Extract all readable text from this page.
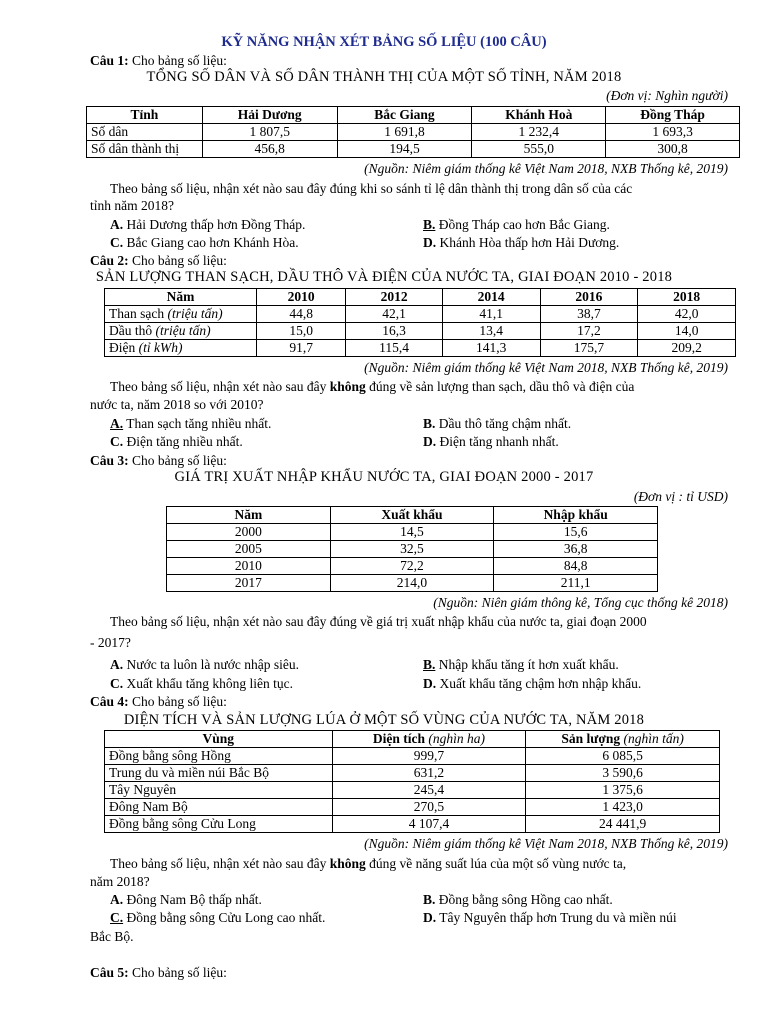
KỸ NĂNG NHẬN XÉT BẢNG SỐ LIỆU (100 CÂU)
Câu 1: Cho bảng số liệu:
TỔNG SỐ DÂN VÀ SỐ DÂN THÀNH THỊ CỦA MỘT SỐ TỈNH, NĂM 2018
(Đơn vị: Nghìn người)
Tỉnh	Hải Dương	Bắc Giang	Khánh Hoà	Đồng Tháp
Số dân	1 807,5	1 691,8	1 232,4	1 693,3
Số dân thành thị	456,8	194,5	555,0	300,8
(Nguồn: Niêm giám thống kê Việt Nam 2018, NXB Thống kê, 2019)
Theo bảng số liệu, nhận xét nào sau đây đúng khi so sánh tỉ lệ dân thành thị trong dân số của các
tỉnh năm 2018?
A. Hải Dương thấp hơn Đồng Tháp.	B. Đồng Tháp cao hơn Bắc Giang.
C. Bắc Giang cao hơn Khánh Hòa.	D. Khánh Hòa thấp hơn Hải Dương.
Câu 2: Cho bảng số liệu:
SẢN LƯỢNG THAN SẠCH, DẦU THÔ VÀ ĐIỆN CỦA NƯỚC TA, GIAI ĐOẠN 2010 - 2018
Năm	2010	2012	2014	2016	2018
Than sạch (triệu tấn)	44,8	42,1	41,1	38,7	42,0
Dầu thô (triệu tấn)	15,0	16,3	13,4	17,2	14,0
Điện (tỉ kWh)	91,7	115,4	141,3	175,7	209,2
(Nguồn: Niêm giám thống kê Việt Nam 2018, NXB Thống kê, 2019)
Theo bảng số liệu, nhận xét nào sau đây không đúng về sản lượng than sạch, dầu thô và điện của
nước ta, năm 2018 so với 2010?
A. Than sạch tăng nhiều nhất.	B. Dầu thô tăng chậm nhất.
C. Điện tăng nhiều nhất.	D. Điện tăng nhanh nhất.
Câu 3: Cho bảng số liệu:
GIÁ TRỊ XUẤT NHẬP KHẨU NƯỚC TA, GIAI ĐOẠN 2000 - 2017
(Đơn vị : tỉ USD)
Năm	Xuất khẩu	Nhập khẩu
2000	14,5	15,6
2005	32,5	36,8
2010	72,2	84,8
2017	214,0	211,1
(Nguồn: Niên giám thông kê, Tổng cục thống kê 2018)
Theo bảng số liệu, nhận xét nào sau đây đúng về giá trị xuất nhập khẩu của nước ta, giai đoạn 2000
- 2017?
A. Nước ta luôn là nước nhập siêu.	B. Nhập khẩu tăng ít hơn xuất khẩu.
C. Xuất khẩu tăng không liên tục.	D. Xuất khẩu tăng chậm hơn nhập khẩu.
Câu 4: Cho bảng số liệu:
DIỆN TÍCH VÀ SẢN LƯỢNG LÚA Ở MỘT SỐ VÙNG CỦA NƯỚC TA, NĂM 2018
Vùng	Diện tích (nghìn ha)	Sản lượng (nghìn tấn)
Đồng bằng sông Hồng	999,7	6 085,5
Trung du và miền núi Bắc Bộ	631,2	3 590,6
Tây Nguyên	245,4	1 375,6
Đông Nam Bộ	270,5	1 423,0
Đồng bằng sông Cửu Long	4 107,4	24 441,9
(Nguồn: Niêm giám thống kê Việt Nam 2018, NXB Thống kê, 2019)
Theo bảng số liệu, nhận xét nào sau đây không đúng về năng suất lúa của một số vùng nước ta,
năm 2018?
A. Đông Nam Bộ thấp nhất.	B. Đồng bằng sông Hồng cao nhất.
C. Đồng bằng sông Cửu Long cao nhất.	D. Tây Nguyên thấp hơn Trung du và miền núi
Bắc Bộ.
Câu 5: Cho bảng số liệu:
